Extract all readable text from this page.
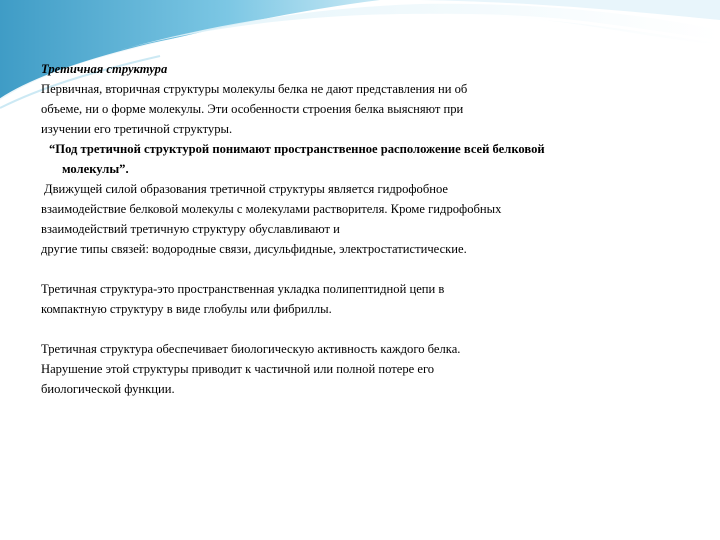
Третичная структура

Первичная, вторичная структуры молекулы белка не дают представления ни об

объеме, ни о форме молекулы. Эти особенности строения белка выясняют при

изучении его третичной структуры.

“Под третичной структурой понимают пространственное расположение всей белковой

молекулы”.

Движущей силой образования третичной структуры является гидрофобное

взаимодействие белковой молекулы с молекулами растворителя. Кроме гидрофобных

взаимодействий третичную структуру обуславливают и

другие типы связей: водородные связи, дисульфидные, электростатистические.

Третичная структура-это пространственная укладка полипептидной цепи в

компактную структуру в виде глобулы или фибриллы.

Третичная структура обеспечивает биологическую активность каждого белка.

Нарушение этой структуры приводит к частичной или полной потере его

биологической функции.
